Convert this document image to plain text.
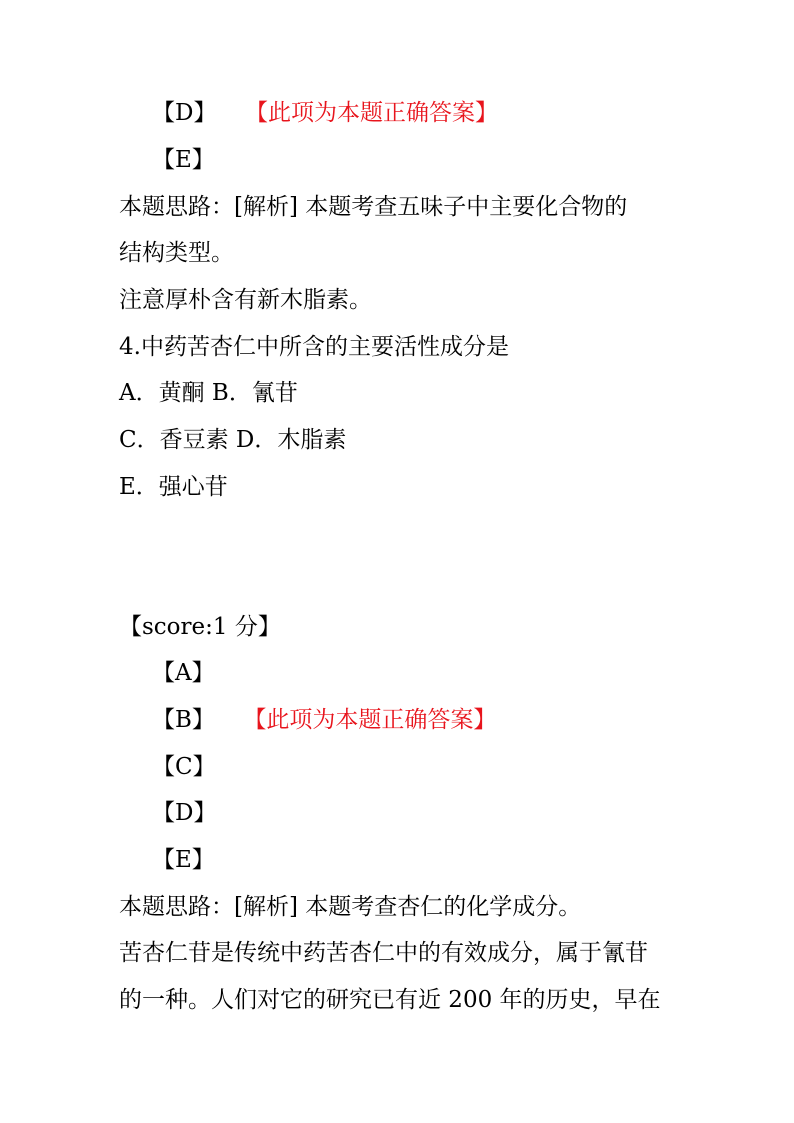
【D】 【此项为本题正确答案】
【E】
本题思路：[解析] 本题考查五味子中主要化合物的
结构类型。
注意厚朴含有新木脂素。
4.中药苦杏仁中所含的主要活性成分是
A．黄酮 B．氰苷
C．香豆素 D．木脂素
E．强心苷
【score:1 分】
【A】
【B】 【此项为本题正确答案】
【C】
【D】
【E】
本题思路：[解析] 本题考查杏仁的化学成分。
苦杏仁苷是传统中药苦杏仁中的有效成分，属于氰苷
的一种。人们对它的研究已有近 200 年的历史，早在
